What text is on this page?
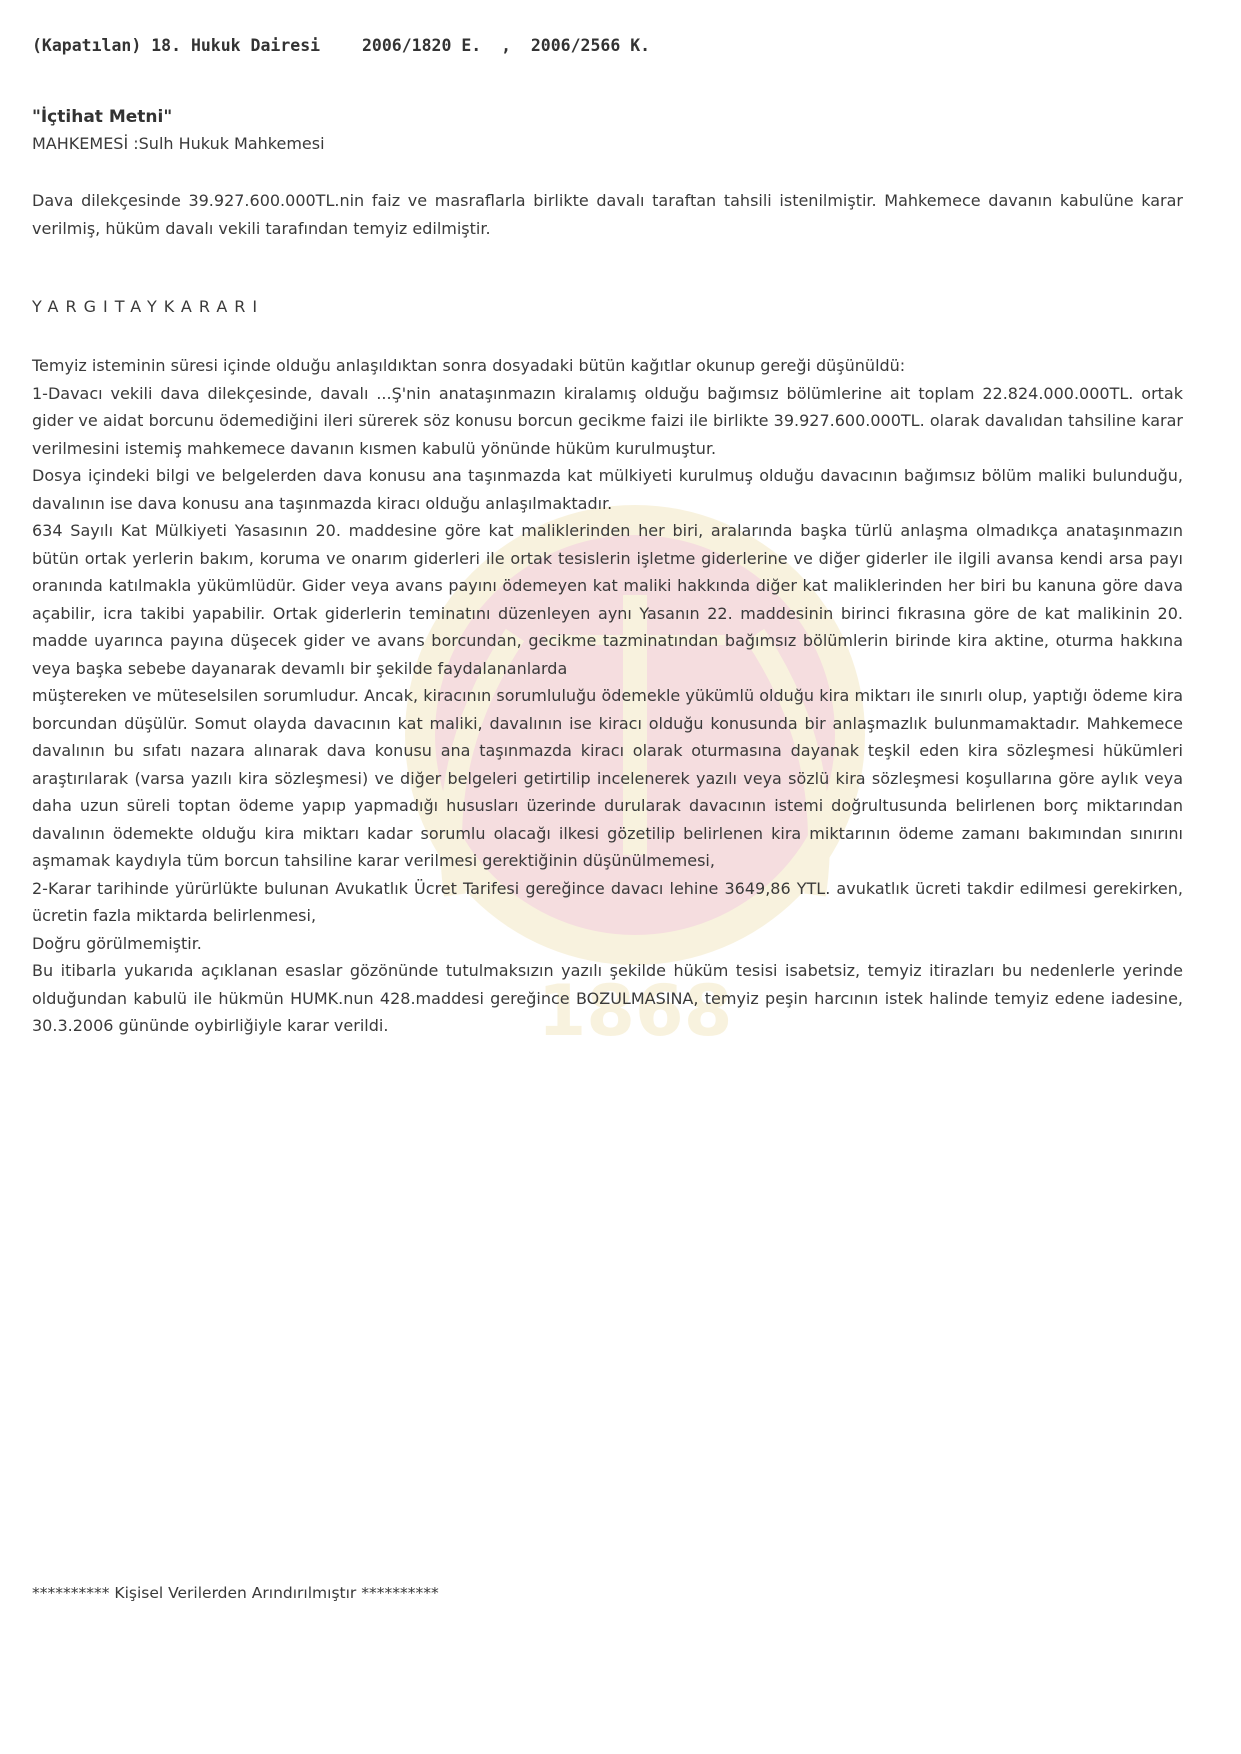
1868
(Kapatılan) 18. Hukuk Dairesi	2006/1820 E.  ,  2006/2566 K.
"İçtihat Metni"
MAHKEMESİ :Sulh Hukuk Mahkemesi

Dava dilekçesinde 39.927.600.000TL.nin faiz ve masraflarla birlikte davalı taraftan tahsili istenilmiştir. Mahkemece davanın kabulüne karar verilmiş, hüküm davalı vekili tarafından temyiz edilmiştir.

YARGITAYKARARI

Temyiz isteminin süresi içinde olduğu anlaşıldıktan sonra dosyadaki bütün kağıtlar okunup gereği düşünüldü:

1-Davacı vekili dava dilekçesinde, davalı ...Ş'nin anataşınmazın kiralamış olduğu bağımsız bölümlerine ait toplam 22.824.000.000TL. ortak gider ve aidat borcunu ödemediğini ileri sürerek söz konusu borcun gecikme faizi ile birlikte 39.927.600.000TL. olarak davalıdan tahsiline karar verilmesini istemiş mahkemece davanın kısmen kabulü yönünde hüküm kurulmuştur.

Dosya içindeki bilgi ve belgelerden dava konusu ana taşınmazda kat mülkiyeti kurulmuş olduğu davacının bağımsız bölüm maliki bulunduğu, davalının ise dava konusu ana taşınmazda kiracı olduğu anlaşılmaktadır.

634 Sayılı Kat Mülkiyeti Yasasının 20. maddesine göre kat maliklerinden her biri, aralarında başka türlü anlaşma olmadıkça anataşınmazın bütün ortak yerlerin bakım, koruma ve onarım giderleri ile ortak tesislerin işletme giderlerine ve diğer giderler ile ilgili avansa kendi arsa payı oranında katılmakla yükümlüdür. Gider veya avans payını ödemeyen kat maliki hakkında diğer kat maliklerinden her biri bu kanuna göre dava açabilir, icra takibi yapabilir. Ortak giderlerin teminatını düzenleyen aynı Yasanın 22. maddesinin birinci fıkrasına göre de kat malikinin 20. madde uyarınca payına düşecek gider ve avans borcundan, gecikme tazminatından bağımsız bölümlerin birinde kira aktine, oturma hakkına veya başka sebebe dayanarak devamlı bir şekilde faydalananlarda

müştereken ve müteselsilen sorumludur. Ancak, kiracının sorumluluğu ödemekle yükümlü olduğu kira miktarı ile sınırlı olup, yaptığı ödeme kira borcundan düşülür. Somut olayda davacının kat maliki, davalının ise kiracı olduğu konusunda bir anlaşmazlık bulunmamaktadır. Mahkemece davalının bu sıfatı nazara alınarak dava konusu ana taşınmazda kiracı olarak oturmasına dayanak teşkil eden kira sözleşmesi hükümleri araştırılarak (varsa yazılı kira sözleşmesi) ve diğer belgeleri getirtilip incelenerek yazılı veya sözlü kira sözleşmesi koşullarına göre aylık veya daha uzun süreli toptan ödeme yapıp yapmadığı hususları üzerinde durularak davacının istemi doğrultusunda belirlenen borç miktarından davalının ödemekte olduğu kira miktarı kadar sorumlu olacağı ilkesi gözetilip belirlenen kira miktarının ödeme zamanı bakımından sınırını aşmamak kaydıyla tüm borcun tahsiline karar verilmesi gerektiğinin düşünülmemesi,

2-Karar tarihinde yürürlükte bulunan Avukatlık Ücret Tarifesi gereğince davacı lehine 3649,86 YTL. avukatlık ücreti takdir edilmesi gerekirken, ücretin fazla miktarda belirlenmesi,

Doğru görülmemiştir.

Bu itibarla yukarıda açıklanan esaslar gözönünde tutulmaksızın yazılı şekilde hüküm tesisi isabetsiz, temyiz itirazları bu nedenlerle yerinde olduğundan kabulü ile hükmün HUMK.nun 428.maddesi gereğince BOZULMASINA, temyiz peşin harcının istek halinde temyiz edene iadesine, 30.3.2006 gününde oybirliğiyle karar verildi.

********** Kişisel Verilerden Arındırılmıştır **********
